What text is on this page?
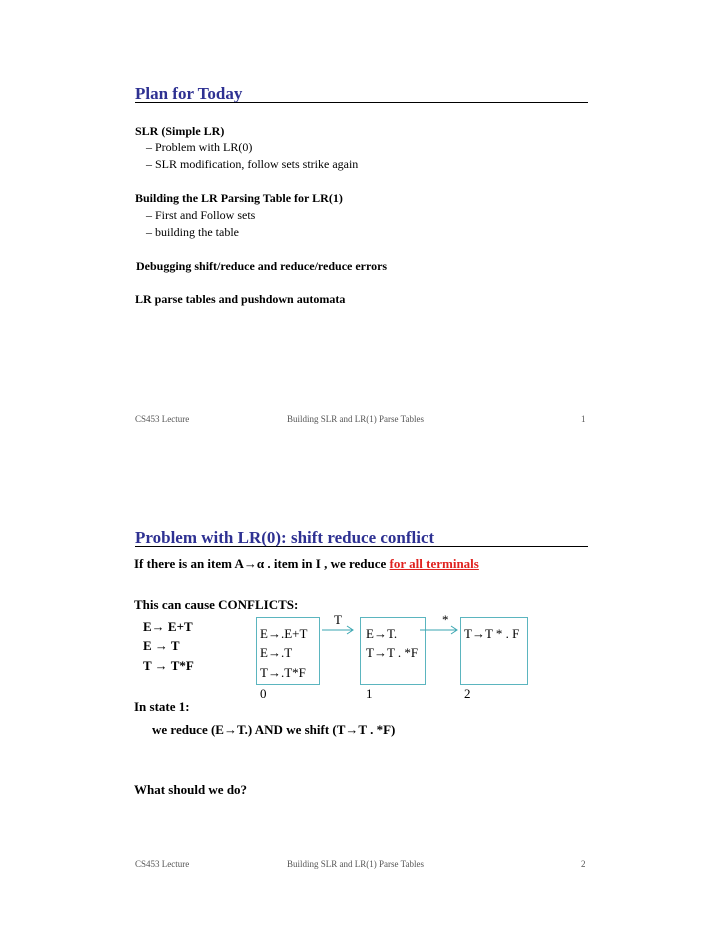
Plan for Today
SLR (Simple LR)
– Problem with LR(0)
– SLR modification, follow sets strike again
Building the LR Parsing Table for LR(1)
– First and Follow sets
– building the table
Debugging shift/reduce and reduce/reduce errors
LR parse tables and pushdown automata
CS453 Lecture	Building SLR and LR(1) Parse Tables	1
Problem with LR(0): shift reduce conflict
If there is an item A→α . item in I , we reduce for all terminals
This can cause CONFLICTS:
E→ E+T
E → T
T → T*F
E→.E+T
E→.T
T→.T*F
E→T.
T→T . *F
T→T * . F
0	1	2
T	*
In state 1:
we reduce (E→T.) AND we shift (T→T . *F)
What should we do?
CS453 Lecture	Building SLR and LR(1) Parse Tables	2
